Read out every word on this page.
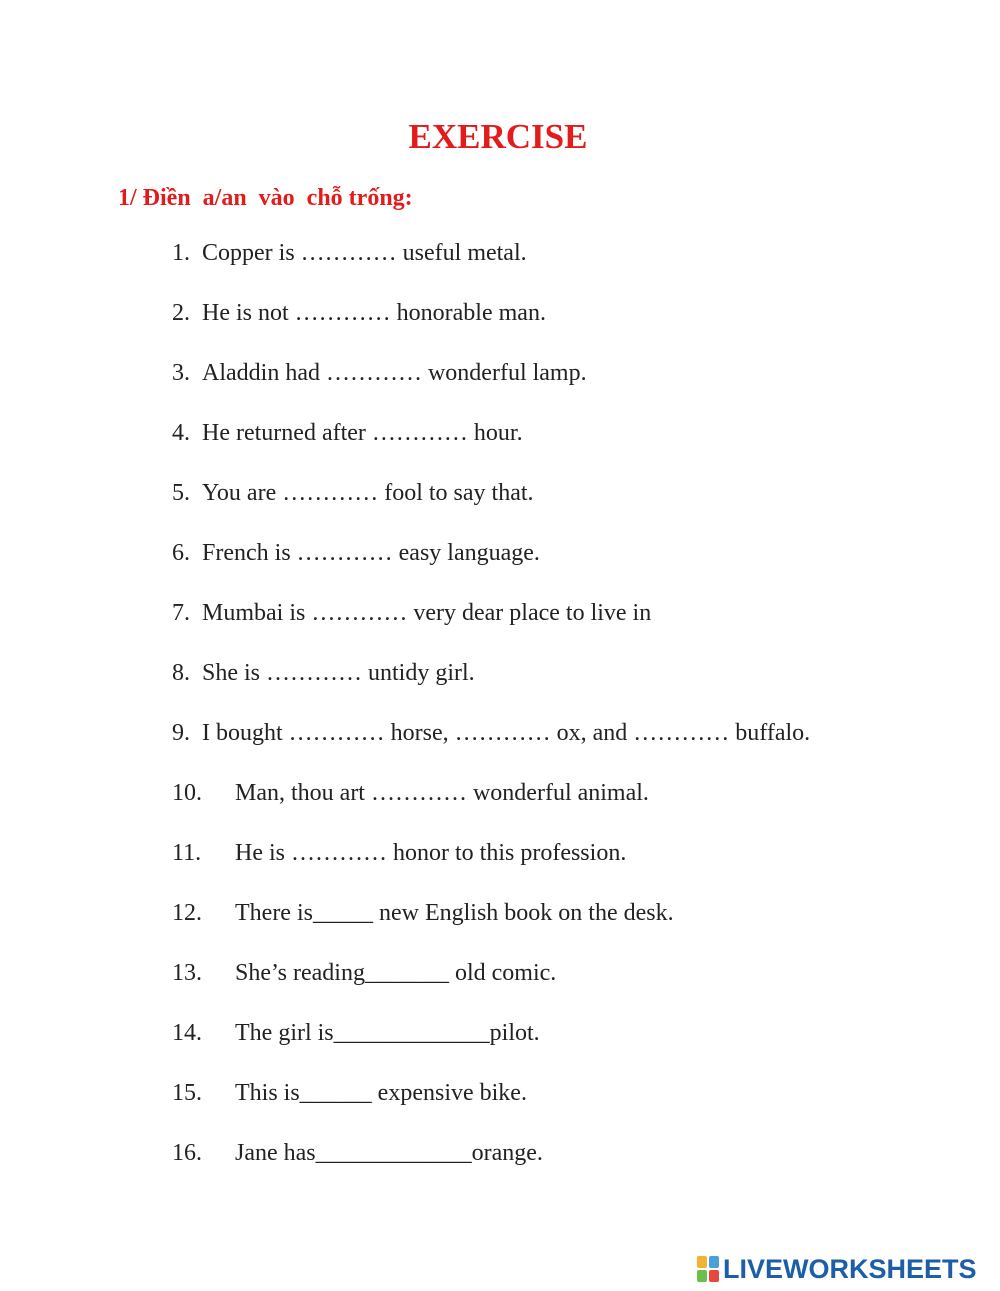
EXERCISE

1/ Điền  a/an  vào  chỗ trống:

1.

Copper is ………… useful metal.

2.

He is not ………… honorable man.

3.

Aladdin had ………… wonderful lamp.

4.

He returned after ………… hour.

5.

You are ………… fool to say that.

6.

French is ………… easy language.

7.

Mumbai is ………… very dear place to live in

8.

She is ………… untidy girl.

9.

I bought ………… horse, ………… ox, and ………… buffalo.

10.

Man, thou art ………… wonderful animal.

11.

He is ………… honor to this profession.

12.

There is_____ new English book on the desk.

13.

She’s reading_______ old comic.

14.

The girl is_____________pilot.

15.

This is______ expensive bike.

16.

Jane has_____________orange.

LIVEWORKSHEETS
